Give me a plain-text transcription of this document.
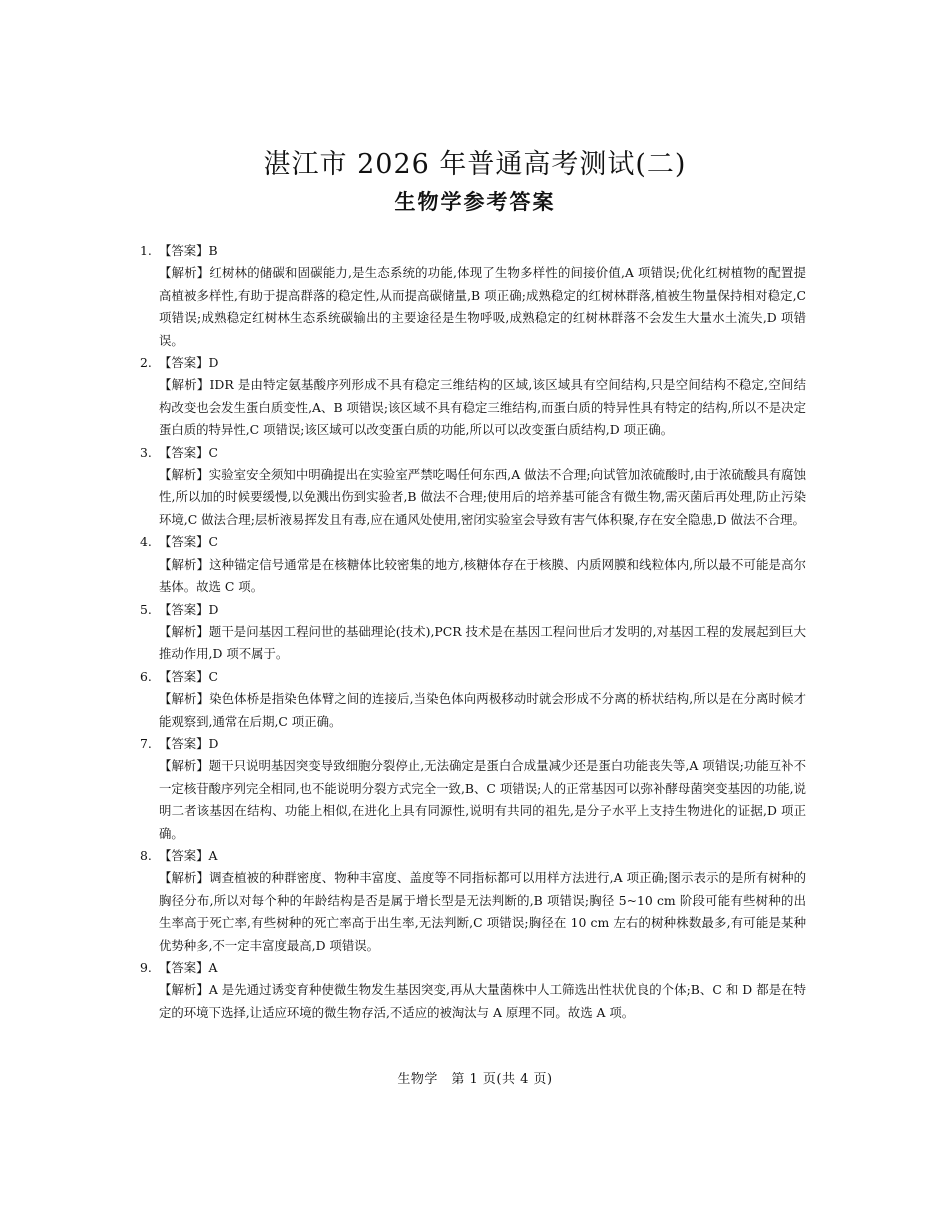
湛江市 2026 年普通高考测试(二)
生物学参考答案

1. 【答案】B

【解析】红树林的储碳和固碳能力,是生态系统的功能,体现了生物多样性的间接价值,A 项错误;优化红树植物的配置提高植被多样性,有助于提高群落的稳定性,从而提高碳储量,B 项正确;成熟稳定的红树林群落,植被生物量保持相对稳定,C 项错误;成熟稳定红树林生态系统碳输出的主要途径是生物呼吸,成熟稳定的红树林群落不会发生大量水土流失,D 项错误。

2. 【答案】D

【解析】IDR 是由特定氨基酸序列形成不具有稳定三维结构的区域,该区域具有空间结构,只是空间结构不稳定,空间结构改变也会发生蛋白质变性,A、B 项错误;该区域不具有稳定三维结构,而蛋白质的特异性具有特定的结构,所以不是决定蛋白质的特异性,C 项错误;该区域可以改变蛋白质的功能,所以可以改变蛋白质结构,D 项正确。

3. 【答案】C

【解析】实验室安全须知中明确提出在实验室严禁吃喝任何东西,A 做法不合理;向试管加浓硫酸时,由于浓硫酸具有腐蚀性,所以加的时候要缓慢,以免溅出伤到实验者,B 做法不合理;使用后的培养基可能含有微生物,需灭菌后再处理,防止污染环境,C 做法合理;层析液易挥发且有毒,应在通风处使用,密闭实验室会导致有害气体积聚,存在安全隐患,D 做法不合理。

4. 【答案】C

【解析】这种锚定信号通常是在核糖体比较密集的地方,核糖体存在于核膜、内质网膜和线粒体内,所以最不可能是高尔基体。故选 C 项。

5. 【答案】D

【解析】题干是问基因工程问世的基础理论(技术),PCR 技术是在基因工程问世后才发明的,对基因工程的发展起到巨大推动作用,D 项不属于。

6. 【答案】C

【解析】染色体桥是指染色体臂之间的连接后,当染色体向两极移动时就会形成不分离的桥状结构,所以是在分离时候才能观察到,通常在后期,C 项正确。

7. 【答案】D

【解析】题干只说明基因突变导致细胞分裂停止,无法确定是蛋白合成量减少还是蛋白功能丧失等,A 项错误;功能互补不一定核苷酸序列完全相同,也不能说明分裂方式完全一致,B、C 项错误;人的正常基因可以弥补酵母菌突变基因的功能,说明二者该基因在结构、功能上相似,在进化上具有同源性,说明有共同的祖先,是分子水平上支持生物进化的证据,D 项正确。

8. 【答案】A

【解析】调查植被的种群密度、物种丰富度、盖度等不同指标都可以用样方法进行,A 项正确;图示表示的是所有树种的胸径分布,所以对每个种的年龄结构是否是属于增长型是无法判断的,B 项错误;胸径 5~10 cm 阶段可能有些树种的出生率高于死亡率,有些树种的死亡率高于出生率,无法判断,C 项错误;胸径在 10 cm 左右的树种株数最多,有可能是某种优势种多,不一定丰富度最高,D 项错误。

9. 【答案】A

【解析】A 是先通过诱变育种使微生物发生基因突变,再从大量菌株中人工筛选出性状优良的个体;B、C 和 D 都是在特定的环境下选择,让适应环境的微生物存活,不适应的被淘汰与 A 原理不同。故选 A 项。

生物学　第 1 页(共 4 页)
